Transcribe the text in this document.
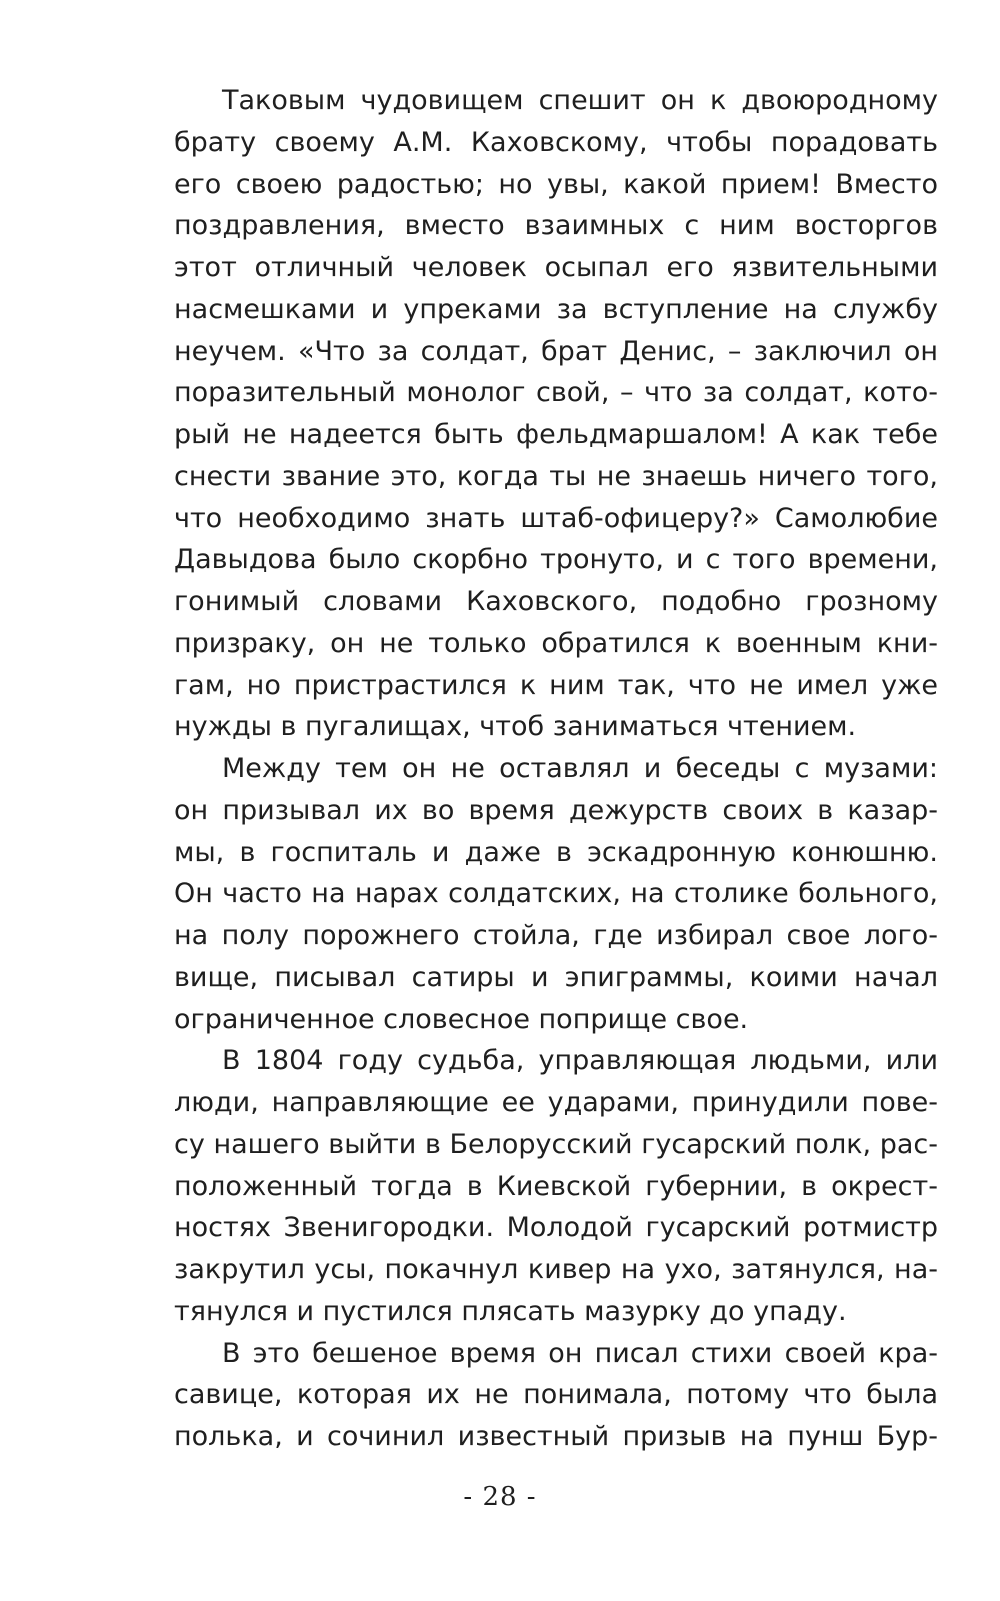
Таковым чудовищем спешит он к двоюродному
брату своему А.М. Каховскому, чтобы порадовать
его своею радостью; но увы, какой прием! Вместо
поздравления, вместо взаимных с ним восторгов
этот отличный человек осыпал его язвительными
насмешками и упреками за вступление на службу
неучем. «Что за солдат, брат Денис, – заключил он
поразительный монолог свой, – что за солдат, кото-
рый не надеется быть фельдмаршалом! А как тебе
снести звание это, когда ты не знаешь ничего того,
что необходимо знать штаб-офицеру?» Самолюбие
Давыдова было скорбно тронуто, и с того времени,
гонимый словами Каховского, подобно грозному
призраку, он не только обратился к военным кни-
гам, но пристрастился к ним так, что не имел уже
нужды в пугалищах, чтоб заниматься чтением.
Между тем он не оставлял и беседы с музами:
он призывал их во время дежурств своих в казар-
мы, в госпиталь и даже в эскадронную конюшню.
Он часто на нарах солдатских, на столике больного,
на полу порожнего стойла, где избирал свое лого-
вище, писывал сатиры и эпиграммы, коими начал
ограниченное словесное поприще свое.
В 1804 году судьба, управляющая людьми, или
люди, направляющие ее ударами, принудили пове-
су нашего выйти в Белорусский гусарский полк, рас-
положенный тогда в Киевской губернии, в окрест-
ностях Звенигородки. Молодой гусарский ротмистр
закрутил усы, покачнул кивер на ухо, затянулся, на-
тянулся и пустился плясать мазурку до упаду.
В это бешеное время он писал стихи своей кра-
савице, которая их не понимала, потому что была
полька, и сочинил известный призыв на пунш Бур-
- 28 -
